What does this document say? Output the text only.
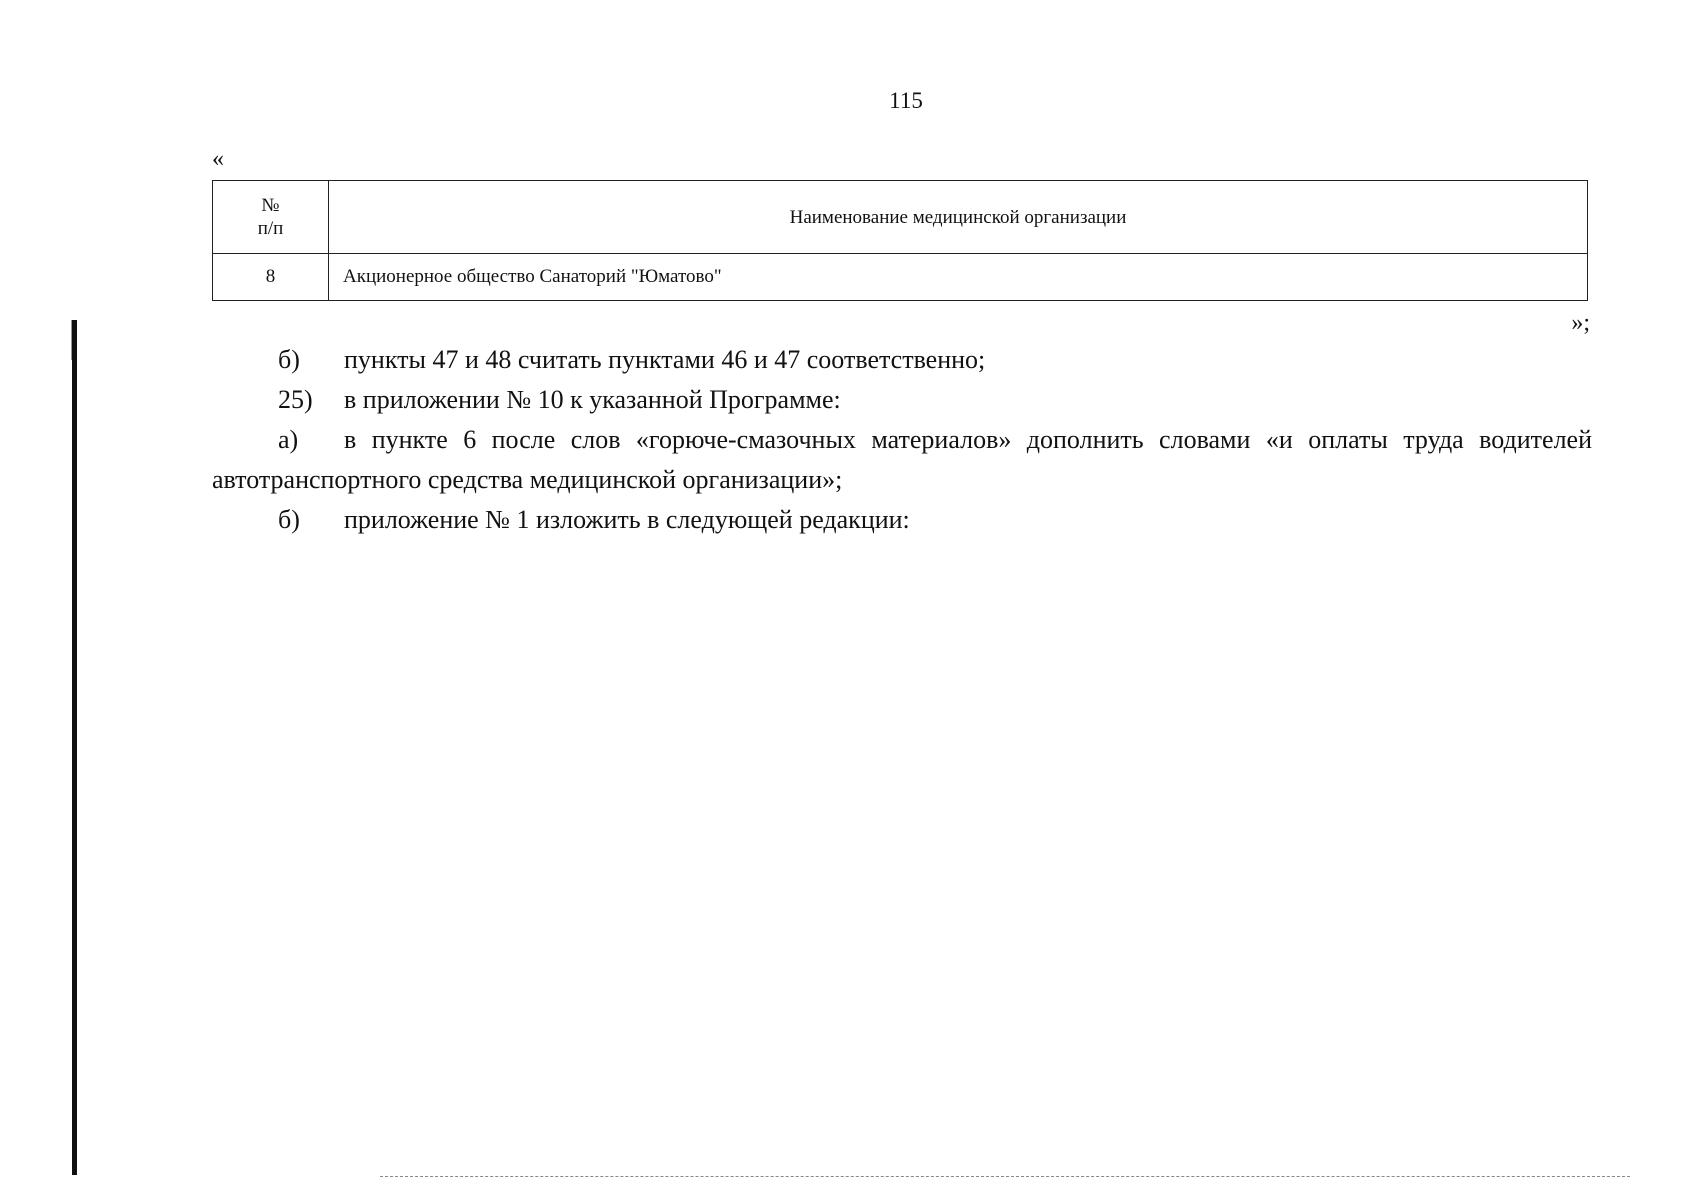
115
«
№
п/п	Наименование медицинской организации
8	Акционерное общество Санаторий "Юматово"
»;

б) пункты 47 и 48 считать пунктами 46 и 47 соответственно;

25) в приложении № 10 к указанной Программе:

а) в пункте 6 после слов «горюче-смазочных материалов» дополнить словами «и оплаты труда водителей автотранспортного средства медицинской организации»;

б) приложение № 1 изложить в следующей редакции:
